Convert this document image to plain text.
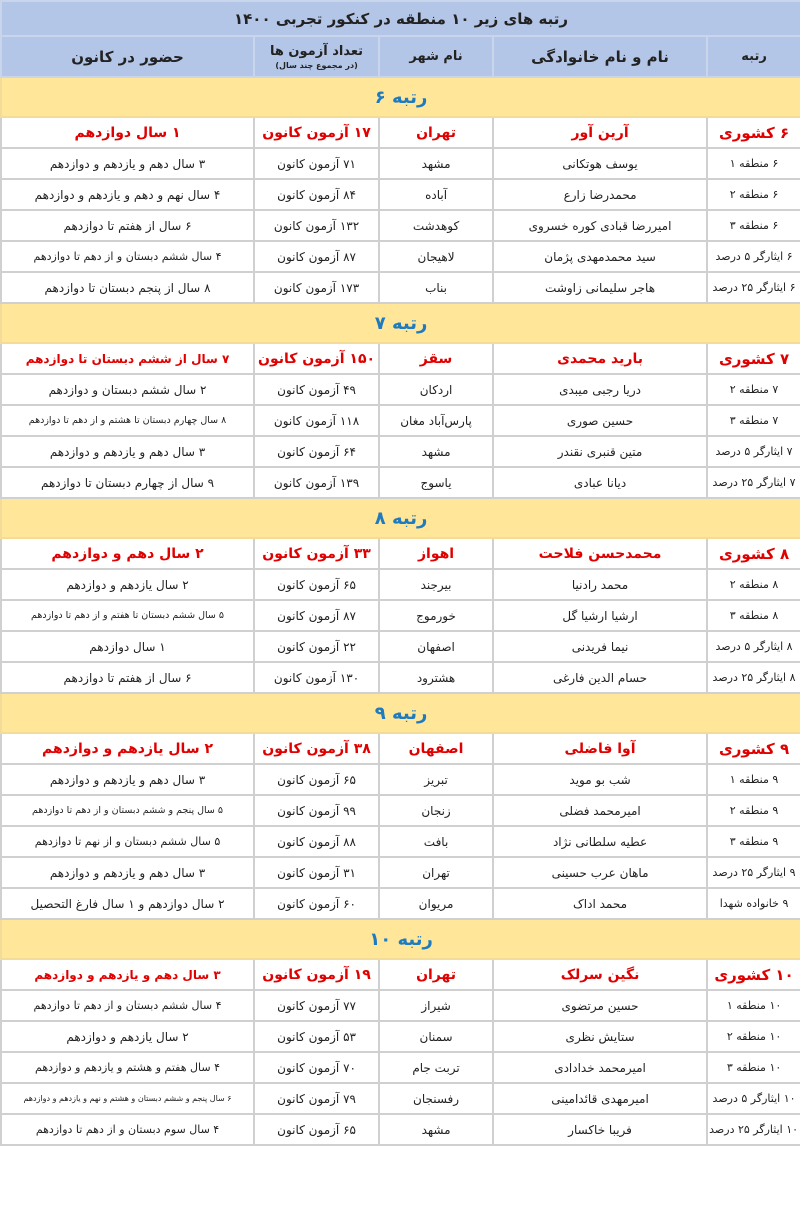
رتبه های زیر ۱۰ منطقه در کنکور تجربی ۱۴۰۰				
رتبه	نام و نام خانوادگی	نام شهر	تعداد آزمون ها
(در مجموع چند سال)	حضور در کانون
رتبه ۶				
۶ کشوری	آرین آور	تهران	۱۷ آزمون کانون	۱ سال دوازدهم
۶ منطقه ۱	یوسف هوتکانی	مشهد	۷۱ آزمون کانون	۳ سال دهم و یازدهم و دوازدهم
۶ منطقه ۲	محمدرضا زارع	آباده	۸۴ آزمون کانون	۴ سال نهم و دهم و یازدهم و دوازدهم
۶ منطقه ۳	امیررضا قبادی کوره خسروی	کوهدشت	۱۳۲ آزمون کانون	۶ سال از هفتم تا دوازدهم
۶ ایثارگر ۵ درصد	سید محمدمهدی پژمان	لاهیجان	۸۷ آزمون کانون	۴ سال ششم دبستان و از دهم تا دوازدهم
۶ ایثارگر ۲۵ درصد	هاجر سلیمانی زاوشت	بناب	۱۷۳ آزمون کانون	۸ سال از پنجم دبستان تا دوازدهم
رتبه ۷				
۷ کشوری	بارید محمدی	سقز	۱۵۰ آزمون کانون	۷ سال از ششم دبستان تا دوازدهم
۷ منطقه ۲	دریا رجبی میبدی	اردکان	۴۹ آزمون کانون	۲ سال ششم دبستان و دوازدهم
۷ منطقه ۳	حسین صوری	پارس‌آباد مغان	۱۱۸ آزمون کانون	۸ سال چهارم دبستان تا هشتم و از دهم تا دوازدهم
۷ ایثارگر ۵ درصد	متین قنبری نقندر	مشهد	۶۴ آزمون کانون	۳ سال دهم و یازدهم و دوازدهم
۷ ایثارگر ۲۵ درصد	دیانا عبادی	یاسوج	۱۳۹ آزمون کانون	۹ سال از چهارم دبستان تا دوازدهم
رتبه ۸				
۸ کشوری	محمدحسن فلاحت	اهواز	۳۳ آزمون کانون	۲ سال دهم و دوازدهم
۸ منطقه ۲	محمد رادنیا	بیرجند	۶۵ آزمون کانون	۲ سال یازدهم و دوازدهم
۸ منطقه ۳	ارشیا ارشیا گل	خورموج	۸۷ آزمون کانون	۵ سال ششم دبستان تا هفتم و از دهم تا دوازدهم
۸ ایثارگر ۵ درصد	نیما فریدنی	اصفهان	۲۲ آزمون کانون	۱ سال دوازدهم
۸ ایثارگر ۲۵ درصد	حسام الدین فارغی	هشترود	۱۳۰ آزمون کانون	۶ سال از هفتم تا دوازدهم
رتبه ۹				
۹ کشوری	آوا فاضلی	اصفهان	۳۸ آزمون کانون	۲ سال یازدهم و دوازدهم
۹ منطقه ۱	شب بو موید	تبریز	۶۵ آزمون کانون	۳ سال دهم و یازدهم و دوازدهم
۹ منطقه ۲	امیرمحمد فضلی	زنجان	۹۹ آزمون کانون	۵ سال پنجم و ششم دبستان و از دهم تا دوازدهم
۹ منطقه ۳	عطیه سلطانی نژاد	بافت	۸۸ آزمون کانون	۵ سال ششم دبستان و از نهم تا دوازدهم
۹ ایثارگر ۲۵ درصد	ماهان عرب حسینی	تهران	۳۱ آزمون کانون	۳ سال دهم و یازدهم و دوازدهم
۹ خانواده شهدا	محمد اداک	مریوان	۶۰ آزمون کانون	۲ سال دوازدهم و ۱ سال فارغ التحصیل
رتبه ۱۰				
۱۰ کشوری	نگین سرلک	تهران	۱۹ آزمون کانون	۳ سال دهم و یازدهم و دوازدهم
۱۰ منطقه ۱	حسین مرتضوی	شیراز	۷۷ آزمون کانون	۴ سال ششم دبستان و از دهم تا دوازدهم
۱۰ منطقه ۲	ستایش نظری	سمنان	۵۳ آزمون کانون	۲ سال یازدهم و دوازدهم
۱۰ منطقه ۳	امیرمحمد خدادادی	تربت جام	۷۰ آزمون کانون	۴ سال هفتم و هشتم و یازدهم و دوازدهم
۱۰ ایثارگر ۵ درصد	امیرمهدی قائدامینی	رفسنجان	۷۹ آزمون کانون	۶ سال پنجم و ششم دبستان و هشتم و نهم و یازدهم و دوازدهم
۱۰ ایثارگر ۲۵ درصد	فریبا خاکسار	مشهد	۶۵ آزمون کانون	۴ سال سوم دبستان و از دهم تا دوازدهم
